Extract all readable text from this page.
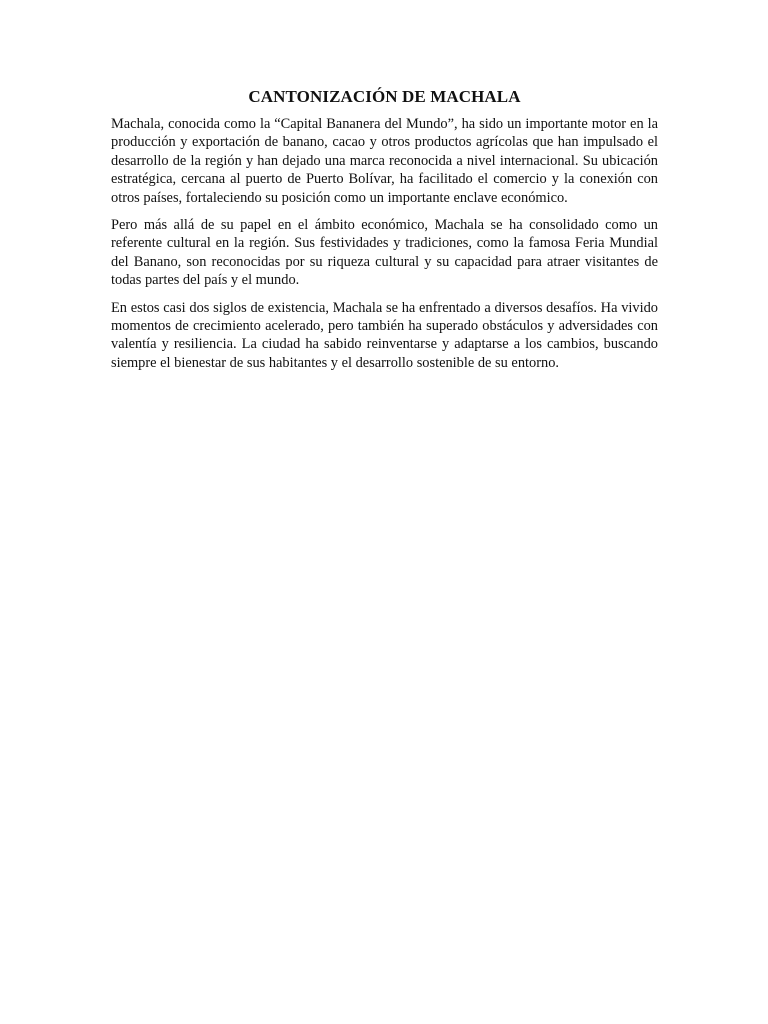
CANTONIZACIÓN DE MACHALA

Machala, conocida como la “Capital Bananera del Mundo”, ha sido un importante motor en la producción y exportación de banano, cacao y otros productos agrícolas que han impulsado el desarrollo de la región y han dejado una marca reconocida a nivel internacional. Su ubicación estratégica, cercana al puerto de Puerto Bolívar, ha facilitado el comercio y la conexión con otros países, fortaleciendo su posición como un importante enclave económico.

Pero más allá de su papel en el ámbito económico, Machala se ha consolidado como un referente cultural en la región. Sus festividades y tradiciones, como la famosa Feria Mundial del Banano, son reconocidas por su riqueza cultural y su capacidad para atraer visitantes de todas partes del país y el mundo.

En estos casi dos siglos de existencia, Machala se ha enfrentado a diversos desafíos. Ha vivido momentos de crecimiento acelerado, pero también ha superado obstáculos y adversidades con valentía y resiliencia. La ciudad ha sabido reinventarse y adaptarse a los cambios, buscando siempre el bienestar de sus habitantes y el desarrollo sostenible de su entorno.
